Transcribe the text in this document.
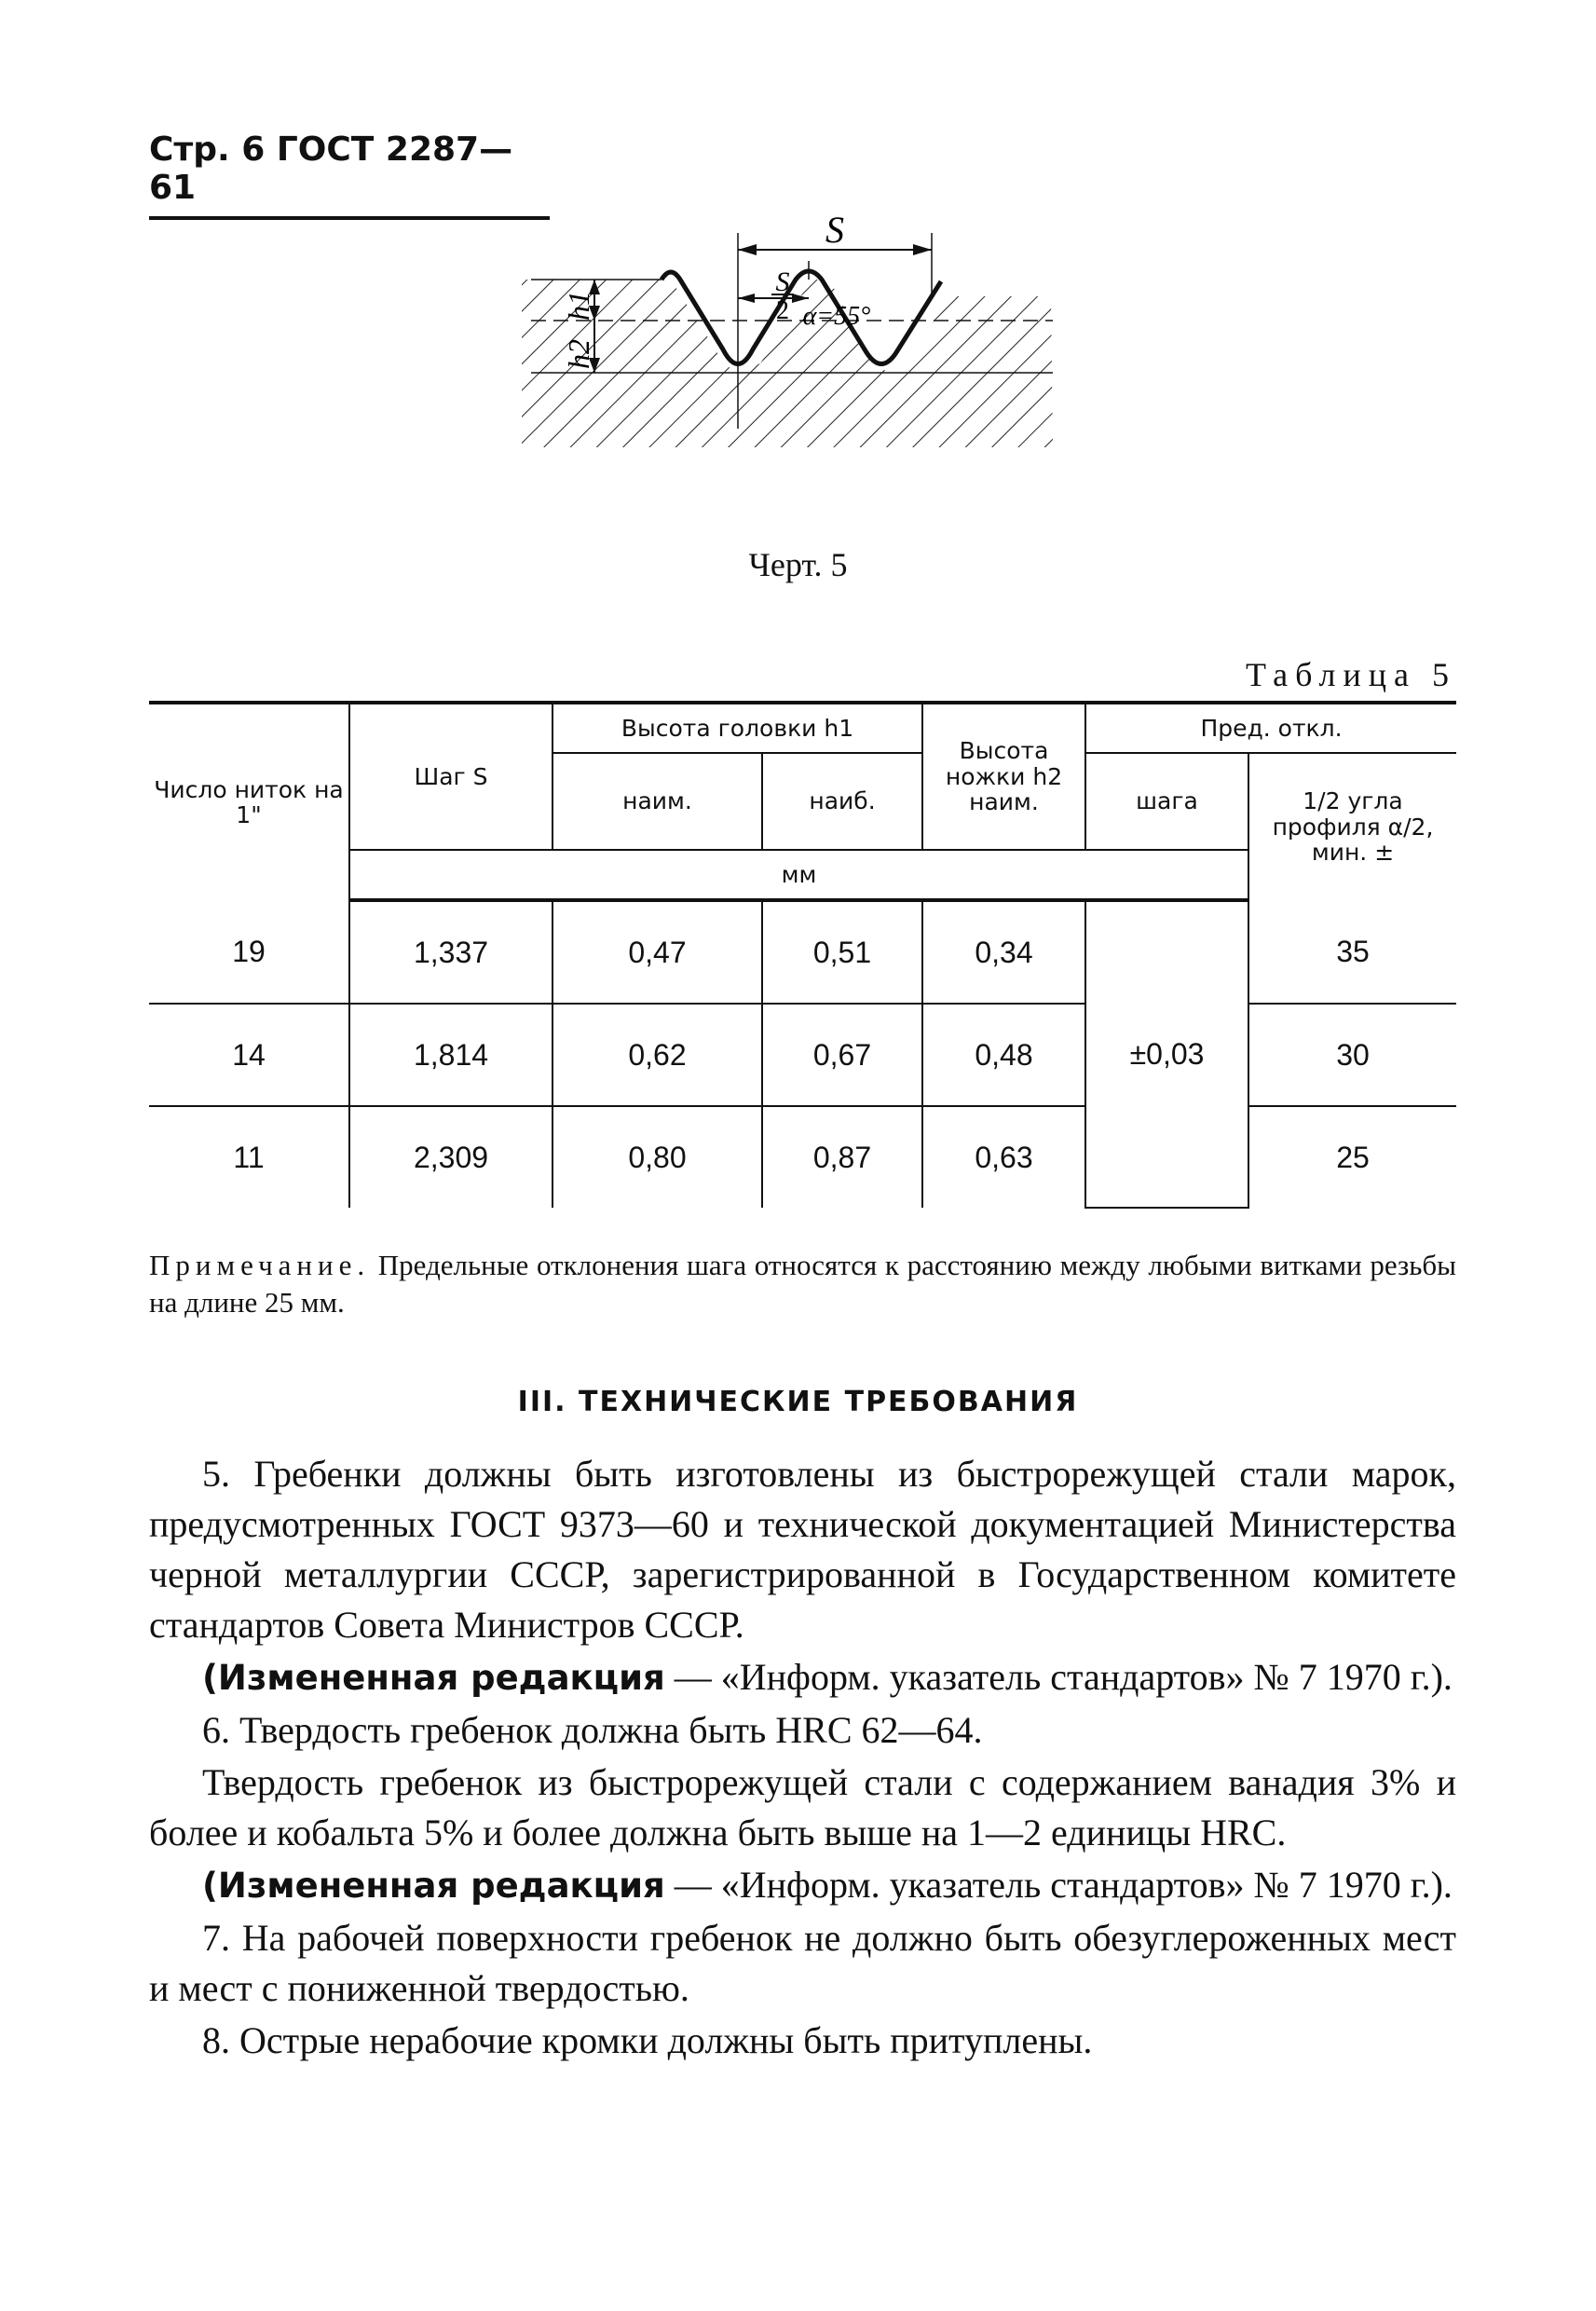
Стр. 6 ГОСТ 2287—61
S
S
2
h1
h2
α=55°
Черт. 5
Таблица 5
Число ниток на 1"	Шаг S	Высота головки h1		Высота ножки h2 наим.	Пред. откл.	
		наим.	наиб.		шага	1/2 угла профиля α/2, мин. ±
	мм					
19	1,337	0,47	0,51	0,34	±0,03	35
14	1,814	0,62	0,67	0,48		30
11	2,309	0,80	0,87	0,63		25
Примечание. Предельные отклонения шага относятся к расстоянию между любыми витками резьбы на длине 25 мм.
III. ТЕХНИЧЕСКИЕ ТРЕБОВАНИЯ

5. Гребенки должны быть изготовлены из быстрорежущей стали марок, предусмотренных ГОСТ 9373—60 и технической документацией Министерства черной металлургии СССР, зарегистрированной в Государственном комитете стандартов Совета Министров СССР.

(Измененная редакция — «Информ. указатель стандартов» № 7 1970 г.).

6. Твердость гребенок должна быть HRC 62—64.

Твердость гребенок из быстрорежущей стали с содержанием ванадия 3% и более и кобальта 5% и более должна быть выше на 1—2 единицы HRC.

(Измененная редакция — «Информ. указатель стандартов» № 7 1970 г.).

7. На рабочей поверхности гребенок не должно быть обезуглероженных мест и мест с пониженной твердостью.

8. Острые нерабочие кромки должны быть притуплены.
